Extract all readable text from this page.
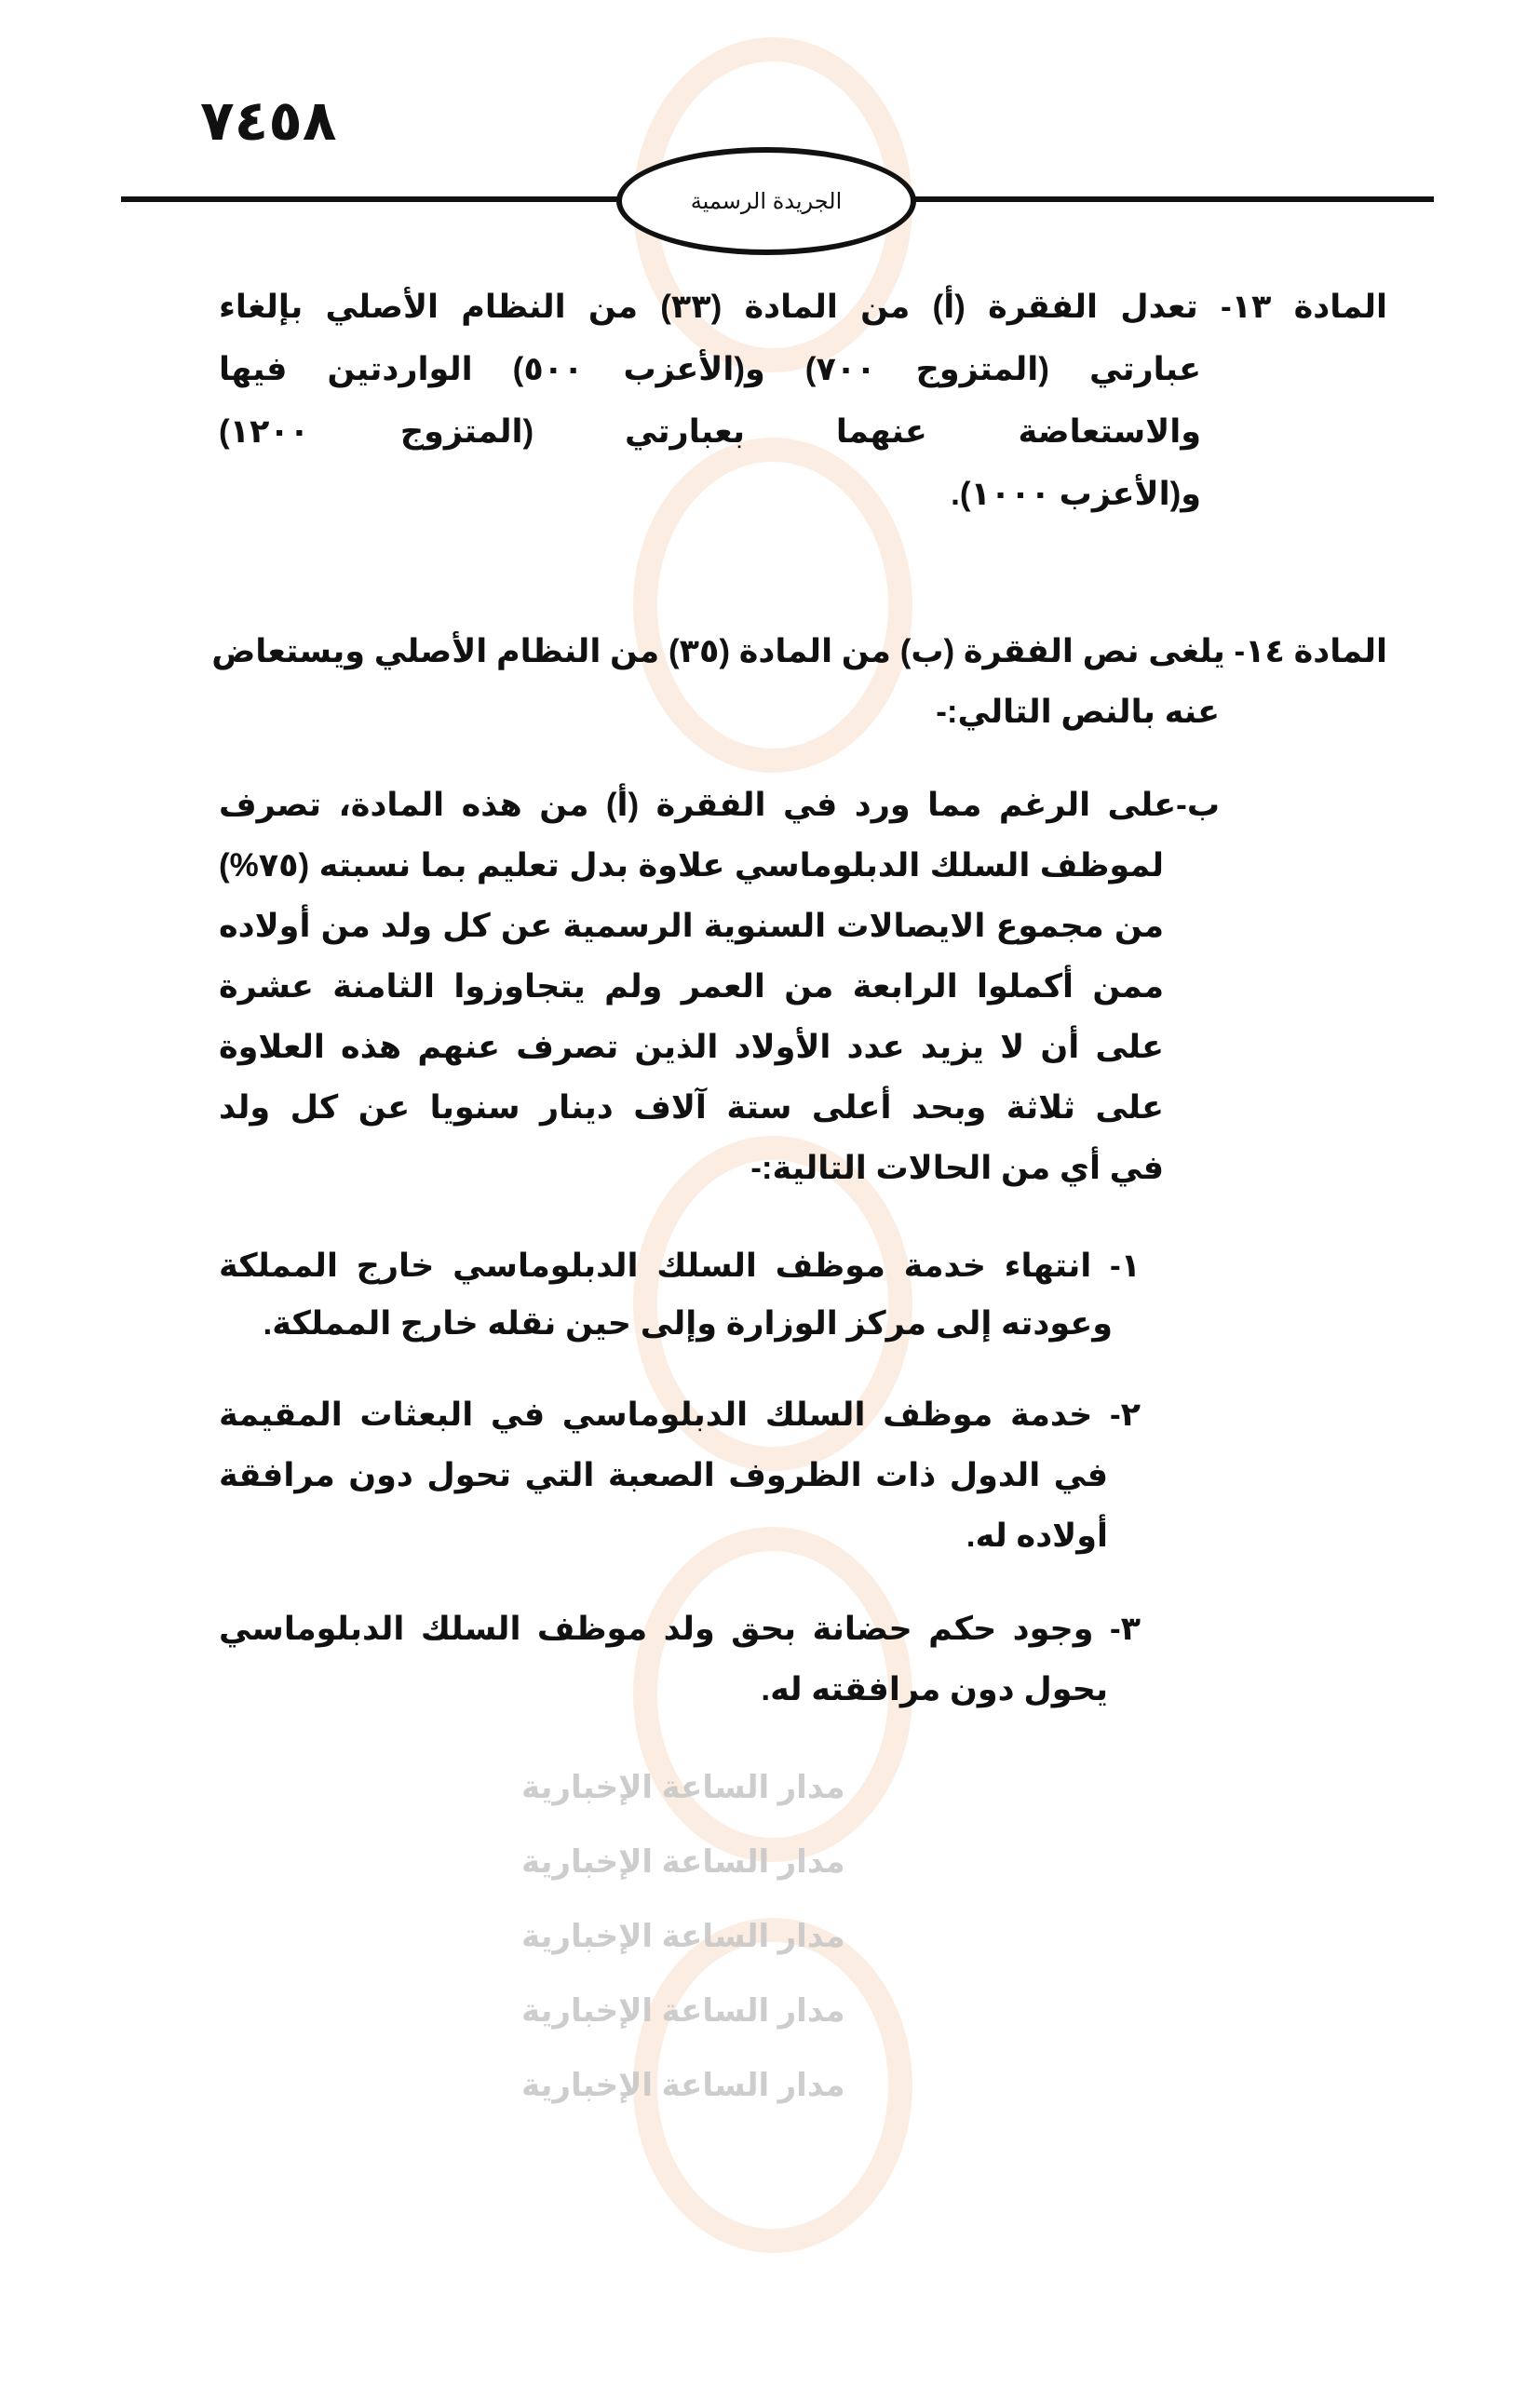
مدار الساعة الإخبارية
مدار الساعة الإخبارية
مدار الساعة الإخبارية
مدار الساعة الإخبارية
مدار الساعة الإخبارية
٧٤٥٨
الجريدة الرسمية
المادة ١٣- تعدل الفقرة (أ) من المادة (٣٣) من النظام الأصلي بإلغاء
عبارتي (المتزوج ٧٠٠) و(الأعزب ٥٠٠) الواردتين فيها
والاستعاضة عنهما بعبارتي (المتزوج ١٢٠٠)
و(الأعزب ١٠٠٠).
المادة ١٤- يلغى نص الفقرة (ب) من المادة (٣٥) من النظام الأصلي ويستعاض
عنه بالنص التالي:-
ب-على الرغم مما ورد في الفقرة (أ) من هذه المادة، تصرف
لموظف السلك الدبلوماسي علاوة بدل تعليم بما نسبته (٧٥%)
من مجموع الايصالات السنوية الرسمية عن كل ولد من أولاده
ممن أكملوا الرابعة من العمر ولم يتجاوزوا الثامنة عشرة
على أن لا يزيد عدد الأولاد الذين تصرف عنهم هذه العلاوة
على ثلاثة وبحد أعلى ستة آلاف دينار سنويا عن كل ولد
في أي من الحالات التالية:-
١- انتهاء خدمة موظف السلك الدبلوماسي خارج المملكة
وعودته إلى مركز الوزارة وإلى حين نقله خارج المملكة.
٢- خدمة موظف السلك الدبلوماسي في البعثات المقيمة
في الدول ذات الظروف الصعبة التي تحول دون مرافقة
أولاده له.
٣- وجود حكم حضانة بحق ولد موظف السلك الدبلوماسي
يحول دون مرافقته له.
